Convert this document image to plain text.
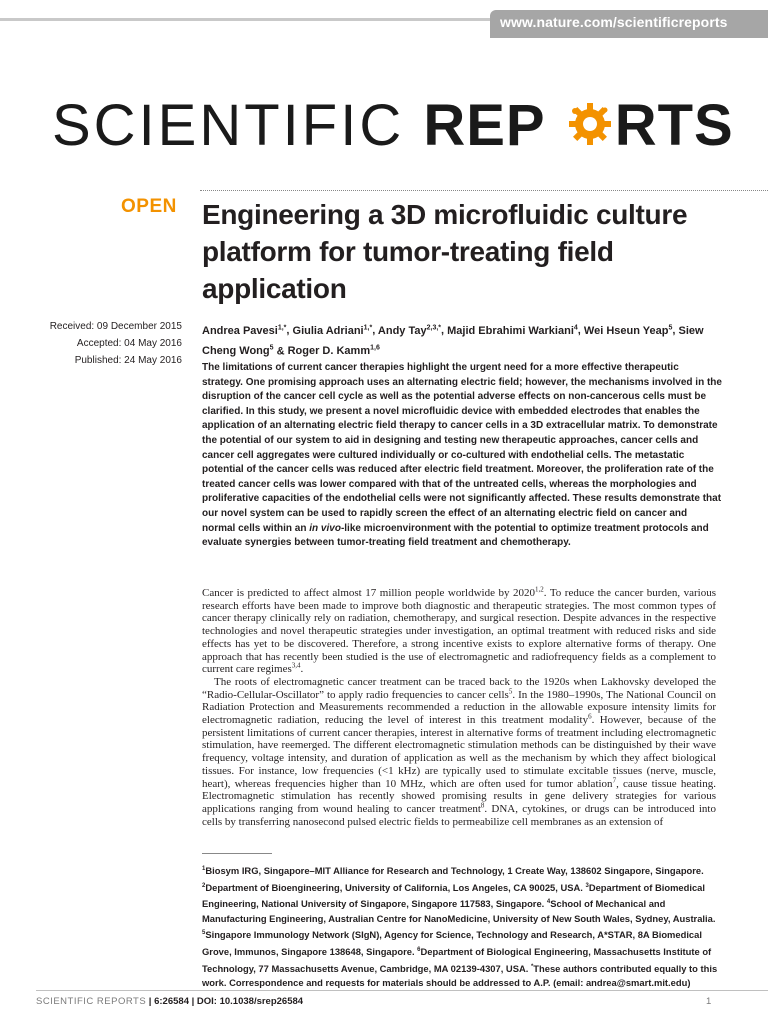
www.nature.com/scientificreports
SCIENTIFIC REP RTS
OPEN Engineering a 3D microfluidic culture platform for tumor-treating field application
Received: 09 December 2015
Accepted: 04 May 2016
Published: 24 May 2016
Andrea Pavesi$^{1,*}$, Giulia Adriani$^{1,*}$, Andy Tay$^{2,3,*}$, Majid Ebrahimi Warkiani$^4$, Wei Hseun Yeap$^5$, Siew Cheng Wong$^5$ & Roger D. Kamm$^{1,6}$
The limitations of current cancer therapies highlight the urgent need for a more effective therapeutic strategy. One promising approach uses an alternating electric field; however, the mechanisms involved in the disruption of the cancer cell cycle as well as the potential adverse effects on non-cancerous cells must be clarified. In this study, we present a novel microfluidic device with embedded electrodes that enables the application of an alternating electric field therapy to cancer cells in a 3D extracellular matrix. To demonstrate the potential of our system to aid in designing and testing new therapeutic approaches, cancer cells and cancer cell aggregates were cultured individually or co-cultured with endothelial cells. The metastatic potential of the cancer cells was reduced after electric field treatment. Moreover, the proliferation rate of the treated cancer cells was lower compared with that of the untreated cells, whereas the morphologies and proliferative capacities of the endothelial cells were not significantly affected. These results demonstrate that our novel system can be used to rapidly screen the effect of an alternating electric field on cancer and normal cells within an in vivo-like microenvironment with the potential to optimize treatment protocols and evaluate synergies between tumor-treating field treatment and chemotherapy.

Cancer is predicted to affect almost 17 million people worldwide by 2020$^{1,2}$. To reduce the cancer burden, various research efforts have been made to improve both diagnostic and therapeutic strategies. The most common types of cancer therapy clinically rely on radiation, chemotherapy, and surgical resection. Despite advances in the respective technologies and novel therapeutic strategies under investigation, an optimal treatment with reduced risks and side effects has yet to be discovered. Therefore, a strong incentive exists to explore alternative forms of therapy. One approach that has recently been studied is the use of electromagnetic and radiofrequency fields as a complement to current care regimes$^{3,4}$.

The roots of electromagnetic cancer treatment can be traced back to the 1920s when Lakhovsky developed the “Radio-Cellular-Oscillator” to apply radio frequencies to cancer cells$^5$. In the 1980–1990s, The National Council on Radiation Protection and Measurements recommended a reduction in the allowable exposure intensity limits for electromagnetic radiation, reducing the level of interest in this treatment modality$^6$. However, because of the persistent limitations of current cancer therapies, interest in alternative forms of treatment including electromagnetic stimulation, have reemerged. The different electromagnetic stimulation methods can be distinguished by their wave frequency, voltage intensity, and duration of application as well as the mechanism by which they affect biological tissues. For instance, low frequencies (<1 kHz) are typically used to stimulate excitable tissues (nerve, muscle, heart), whereas frequencies higher than 10 MHz, which are often used for tumor ablation$^7$, cause tissue heating. Electromagnetic stimulation has recently showed promising results in gene delivery strategies for various applications ranging from wound healing to cancer treatment$^8$. DNA, cytokines, or drugs can be introduced into cells by transferring nanosecond pulsed electric fields to permeabilize cell membranes as an extension of

$^1$Biosym IRG, Singapore–MIT Alliance for Research and Technology, 1 Create Way, 138602 Singapore, Singapore. $^2$Department of Bioengineering, University of California, Los Angeles, CA 90025, USA. $^3$Department of Biomedical Engineering, National University of Singapore, Singapore 117583, Singapore. $^4$School of Mechanical and Manufacturing Engineering, Australian Centre for NanoMedicine, University of New South Wales, Sydney, Australia. $^5$Singapore Immunology Network (SIgN), Agency for Science, Technology and Research, A*STAR, 8A Biomedical Grove, Immunos, Singapore 138648, Singapore. $^6$Department of Biological Engineering, Massachusetts Institute of Technology, 77 Massachusetts Avenue, Cambridge, MA 02139-4307, USA. *These authors contributed equally to this work. Correspondence and requests for materials should be addressed to A.P. (email: andrea@smart.mit.edu)
SCIENTIFIC REPORTS | 6:26584 | DOI: 10.1038/srep26584	1
